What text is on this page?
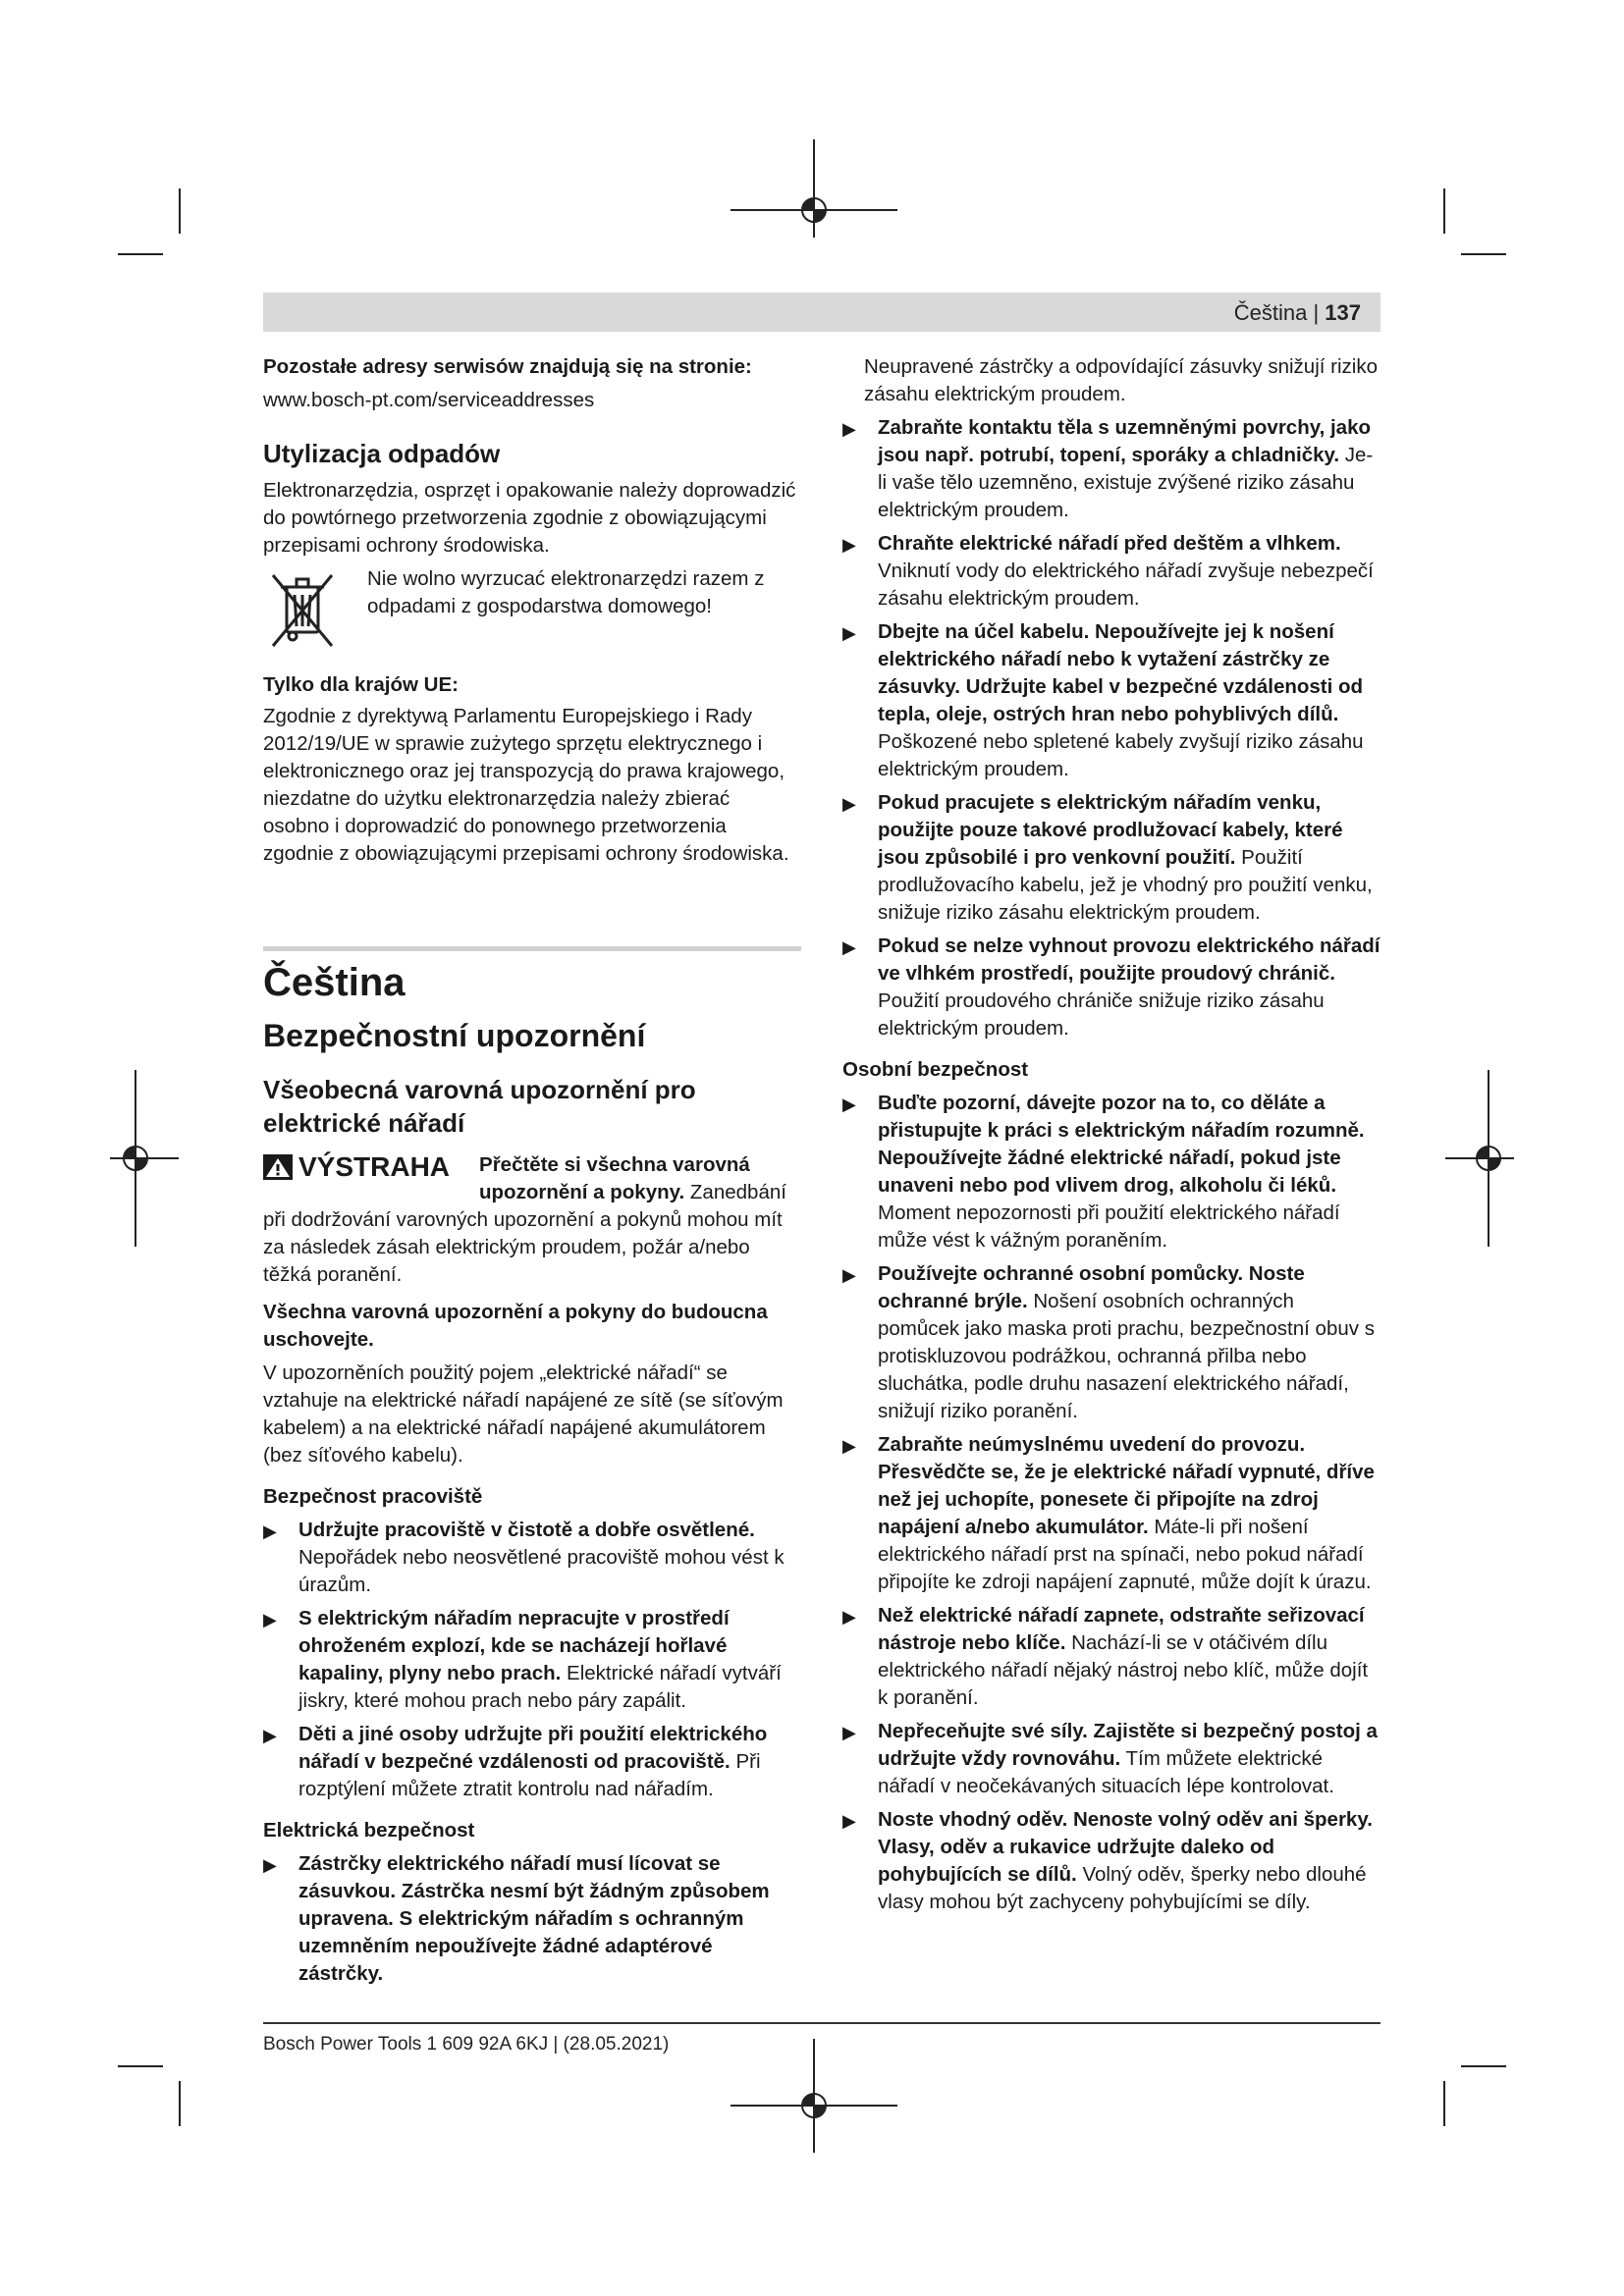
Čeština | 137

Pozostałe adresy serwisów znajdują się na stronie:

www.bosch-pt.com/serviceaddresses

Utylizacja odpadów

Elektronarzędzia, osprzęt i opakowanie należy doprowadzić do powtórnego przetworzenia zgodnie z obowiązującymi przepisami ochrony środowiska.

Nie wolno wyrzucać elektronarzędzi razem z odpadami z gospodarstwa domowego!

Tylko dla krajów UE:

Zgodnie z dyrektywą Parlamentu Europejskiego i Rady 2012/19/UE w sprawie zużytego sprzętu elektrycznego i elektronicznego oraz jej transpozycją do prawa krajowego, niezdatne do użytku elektronarzędzia należy zbierać osobno i doprowadzić do ponownego przetworzenia zgodnie z obowiązującymi przepisami ochrony środowiska.

Čeština
Bezpečnostní upozornění
Všeobecná varovná upozornění pro elektrické nářadí
VÝSTRAHA	Přečtěte si všechna varovná upozornění a pokyny. Zanedbání při dodržování varovných upozornění a pokynů mohou mít za následek zásah elektrickým proudem, požár a/nebo těžká poranění.

Všechna varovná upozornění a pokyny do budoucna uschovejte.

V upozorněních použitý pojem „elektrické nářadí“ se vztahuje na elektrické nářadí napájené ze sítě (se síťovým kabelem) a na elektrické nářadí napájené akumulátorem (bez síťového kabelu).

Bezpečnost pracoviště

▶	Udržujte pracoviště v čistotě a dobře osvětlené. Nepořádek nebo neosvětlené pracoviště mohou vést k úrazům.
▶	S elektrickým nářadím nepracujte v prostředí ohroženém explozí, kde se nacházejí hořlavé kapaliny, plyny nebo prach. Elektrické nářadí vytváří jiskry, které mohou prach nebo páry zapálit.
▶	Děti a jiné osoby udržujte při použití elektrického nářadí v bezpečné vzdálenosti od pracoviště. Při rozptýlení můžete ztratit kontrolu nad nářadím.

Elektrická bezpečnost

▶	Zástrčky elektrického nářadí musí lícovat se zásuvkou. Zástrčka nesmí být žádným způsobem upravena. S elektrickým nářadím s ochranným uzemněním nepoužívejte žádné adaptérové zástrčky.

Neupravené zástrčky a odpovídající zásuvky snižují riziko zásahu elektrickým proudem.

▶	Zabraňte kontaktu těla s uzemněnými povrchy, jako jsou např. potrubí, topení, sporáky a chladničky. Je-li vaše tělo uzemněno, existuje zvýšené riziko zásahu elektrickým proudem.
▶	Chraňte elektrické nářadí před deštěm a vlhkem. Vniknutí vody do elektrického nářadí zvyšuje nebezpečí zásahu elektrickým proudem.
▶	Dbejte na účel kabelu. Nepoužívejte jej k nošení elektrického nářadí nebo k vytažení zástrčky ze zásuvky. Udržujte kabel v bezpečné vzdálenosti od tepla, oleje, ostrých hran nebo pohyblivých dílů. Poškozené nebo spletené kabely zvyšují riziko zásahu elektrickým proudem.
▶	Pokud pracujete s elektrickým nářadím venku, použijte pouze takové prodlužovací kabely, které jsou způsobilé i pro venkovní použití. Použití prodlužovacího kabelu, jež je vhodný pro použití venku, snižuje riziko zásahu elektrickým proudem.
▶	Pokud se nelze vyhnout provozu elektrického nářadí ve vlhkém prostředí, použijte proudový chránič. Použití proudového chrániče snižuje riziko zásahu elektrickým proudem.

Osobní bezpečnost

▶	Buďte pozorní, dávejte pozor na to, co děláte a přistupujte k práci s elektrickým nářadím rozumně. Nepoužívejte žádné elektrické nářadí, pokud jste unaveni nebo pod vlivem drog, alkoholu či léků. Moment nepozornosti při použití elektrického nářadí může vést k vážným poraněním.
▶	Používejte ochranné osobní pomůcky. Noste ochranné brýle. Nošení osobních ochranných pomůcek jako maska proti prachu, bezpečnostní obuv s protiskluzovou podrážkou, ochranná přilba nebo sluchátka, podle druhu nasazení elektrického nářadí, snižují riziko poranění.
▶	Zabraňte neúmyslnému uvedení do provozu. Přesvědčte se, že je elektrické nářadí vypnuté, dříve než jej uchopíte, ponesete či připojíte na zdroj napájení a/nebo akumulátor. Máte-li při nošení elektrického nářadí prst na spínači, nebo pokud nářadí připojíte ke zdroji napájení zapnuté, může dojít k úrazu.
▶	Než elektrické nářadí zapnete, odstraňte seřizovací nástroje nebo klíče. Nachází-li se v otáčivém dílu elektrického nářadí nějaký nástroj nebo klíč, může dojít k poranění.
▶	Nepřeceňujte své síly. Zajistěte si bezpečný postoj a udržujte vždy rovnováhu. Tím můžete elektrické nářadí v neočekávaných situacích lépe kontrolovat.
▶	Noste vhodný oděv. Nenoste volný oděv ani šperky. Vlasy, oděv a rukavice udržujte daleko od pohybujících se dílů. Volný oděv, šperky nebo dlouhé vlasy mohou být zachyceny pohybujícími se díly.
Bosch Power Tools 1 609 92A 6KJ | (28.05.2021)
